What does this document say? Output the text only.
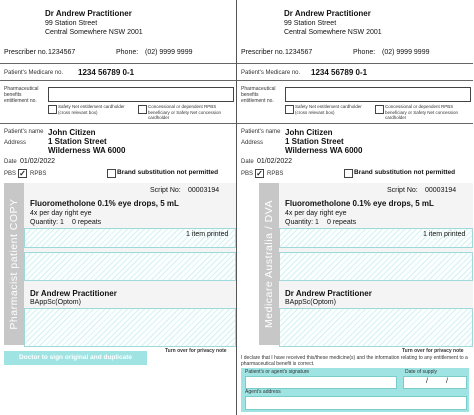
Dr Andrew Practitioner
99 Station Street
Central Somewhere NSW 2001
Prescriber no. 1234567	Phone: (02) 9999 9999
Patient's Medicare no. 1234 56789 0-1
Pharmaceutical benefits entitlement no.
Safety Net entitlement cardholder (cross relevant box)
Concessional or dependent RPBS beneficiary or Safety Net concession cardholder
Patient's name John Citizen
Address	1 Station Street
Wilderness WA 6000
Date 01/02/2022
PBS ✓ RPBS	Brand substitution not permitted
Pharmacist patient COPY
Script No: 00003194
Fluorometholone 0.1% eye drops, 5 mL
4x per day right eye
Quantity: 1 0 repeats
1 item printed
Dr Andrew Practitioner
BAppSc(Optom)
Turn over for privacy note
Doctor to sign original and duplicate
Dr Andrew Practitioner
99 Station Street
Central Somewhere NSW 2001
Prescriber no. 1234567	Phone: (02) 9999 9999
Patient's Medicare no. 1234 56789 0-1
Pharmaceutical benefits entitlement no.
Safety Net entitlement cardholder (cross relevant box)
Concessional or dependent RPBS beneficiary or Safety Net concession cardholder
Patient's name John Citizen
Address	1 Station Street
Wilderness WA 6000
Date 01/02/2022
PBS ✓ RPBS	Brand substitution not permitted
Medicare Australia / DVA
Script No: 00003194
Fluorometholone 0.1% eye drops, 5 mL
4x per day right eye
Quantity: 1 0 repeats
1 item printed
Dr Andrew Practitioner
BAppSc(Optom)
Turn over for privacy note
I declare that I have received this/these medicine(s) and the information relating to any entitlement to a pharmaceutical benefit is correct.
Patient's or agent's signature	Date of supply
/	/
Agent's address
